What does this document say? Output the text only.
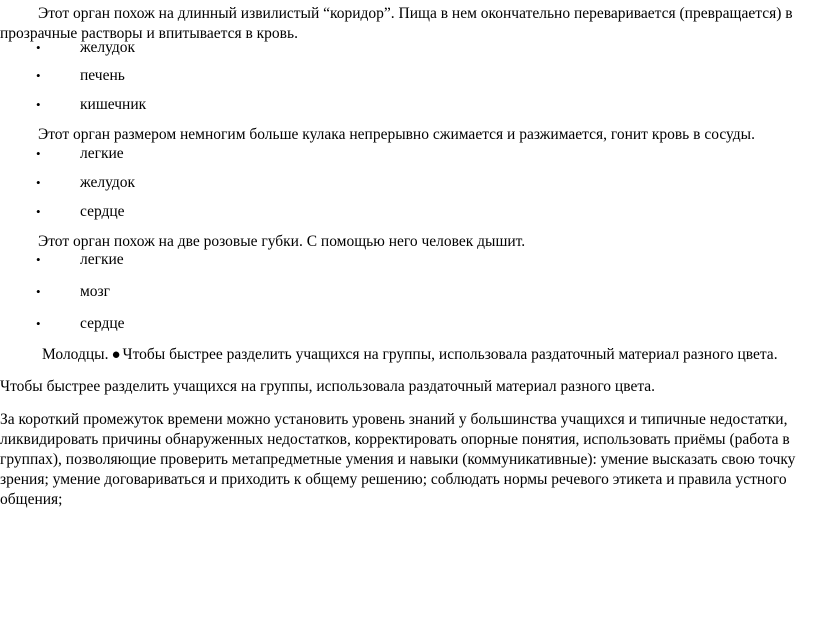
Этот орган похож на длинный извилистый “коридор”. Пища в нем окончательно переваривается (превращается) в прозрачные растворы и впитывается в кровь.

•	желудок
•	печень
•	кишечник

Этот орган размером немногим больше кулака непрерывно сжимается и разжимается, гонит кровь в сосуды.

•	легкие
•	желудок
•	сердце

Этот орган похож на две розовые губки. С помощью него человек дышит.

•	легкие
•	мозг
•	сердце
Молодцы. ● Чтобы быстрее разделить учащихся на группы, использовала раздаточный материал разного цвета.

Чтобы быстрее разделить учащихся на группы, использовала раздаточный материал разного цвета.

За короткий промежуток времени можно установить уровень знаний у большинства учащихся и типичные недостатки, ликвидировать причины обнаруженных недостатков, корректировать опорные понятия, использовать приёмы (работа в группах), позволяющие проверить метапредметные умения и навыки (коммуникативные): умение высказать свою точку зрения; умение договариваться и приходить к общему решению; соблюдать нормы речевого этикета и правила устного общения;
